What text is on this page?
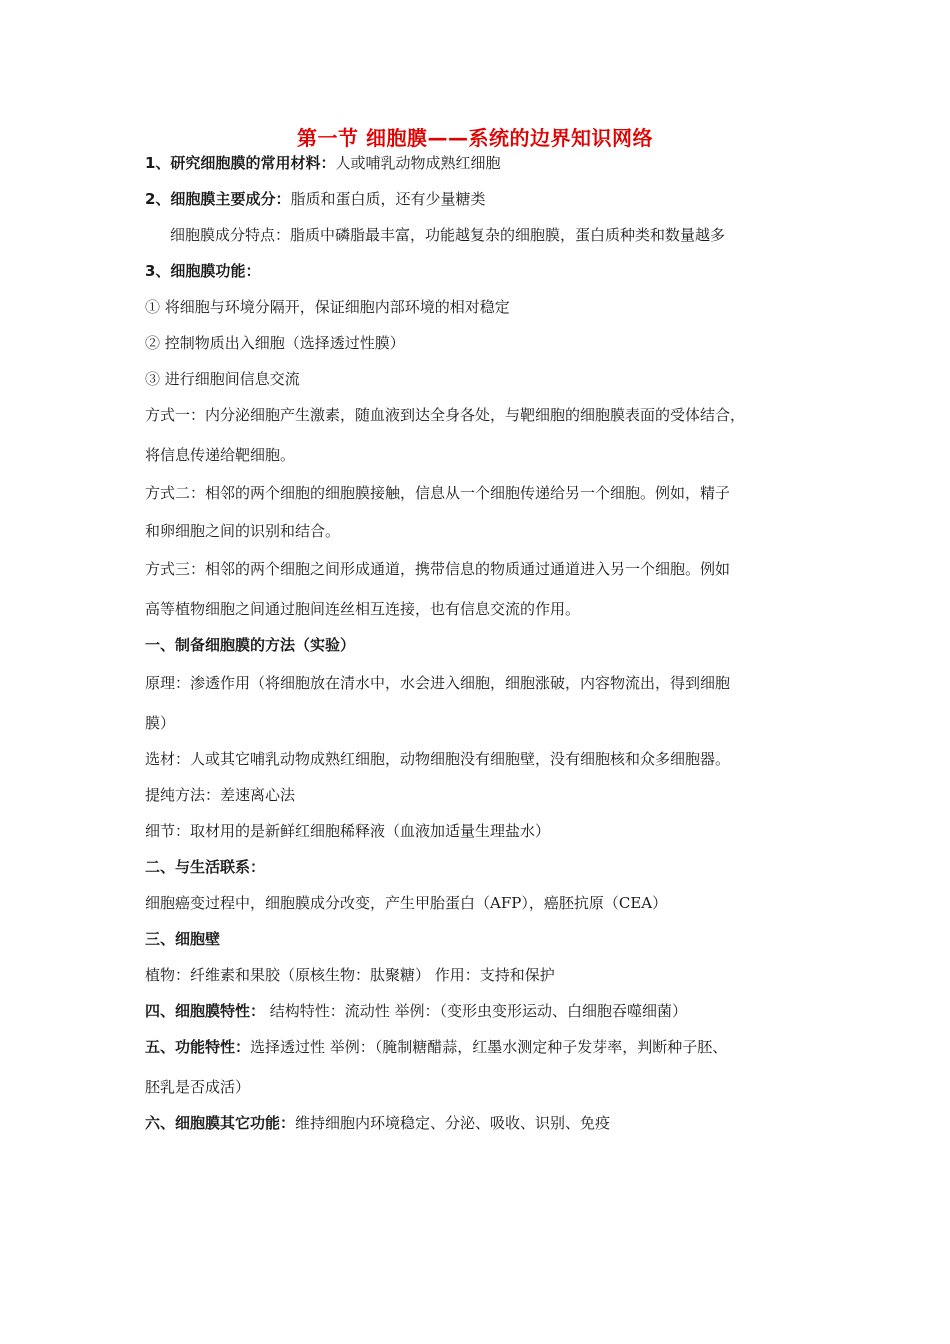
第一节 细胞膜——系统的边界知识网络
1、研究细胞膜的常用材料：人或哺乳动物成熟红细胞
2、细胞膜主要成分：脂质和蛋白质，还有少量糖类
细胞膜成分特点：脂质中磷脂最丰富，功能越复杂的细胞膜，蛋白质种类和数量越多
3、细胞膜功能：
① 将细胞与环境分隔开，保证细胞内部环境的相对稳定
② 控制物质出入细胞（选择透过性膜）
③ 进行细胞间信息交流
方式一：内分泌细胞产生激素，随血液到达全身各处，与靶细胞的细胞膜表面的受体结合，
将信息传递给靶细胞。
方式二：相邻的两个细胞的细胞膜接触，信息从一个细胞传递给另一个细胞。例如，精子
和卵细胞之间的识别和结合。
方式三：相邻的两个细胞之间形成通道，携带信息的物质通过通道进入另一个细胞。例如
高等植物细胞之间通过胞间连丝相互连接，也有信息交流的作用。
一、制备细胞膜的方法（实验）
原理：渗透作用（将细胞放在清水中，水会进入细胞，细胞涨破，内容物流出，得到细胞
膜）
选材：人或其它哺乳动物成熟红细胞，动物细胞没有细胞壁，没有细胞核和众多细胞器。
提纯方法：差速离心法
细节：取材用的是新鲜红细胞稀释液（血液加适量生理盐水）
二、与生活联系：
细胞癌变过程中，细胞膜成分改变，产生甲胎蛋白（AFP），癌胚抗原（CEA）
三、细胞壁
植物：纤维素和果胶（原核生物：肽聚糖） 作用：支持和保护
四、细胞膜特性： 结构特性：流动性 举例：（变形虫变形运动、白细胞吞噬细菌）
五、功能特性：选择透过性 举例：（腌制糖醋蒜，红墨水测定种子发芽率，判断种子胚、
胚乳是否成活）
六、细胞膜其它功能：维持细胞内环境稳定、分泌、吸收、识别、免疫
